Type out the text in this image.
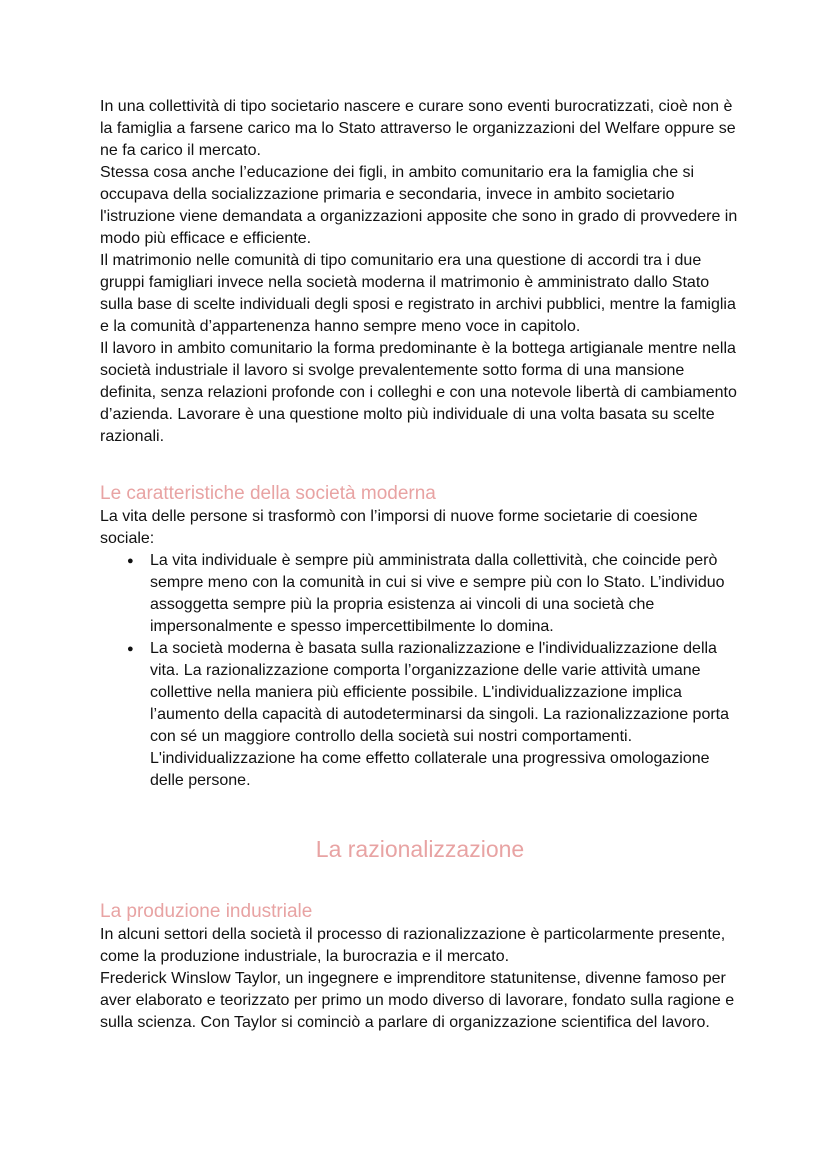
In una collettività di tipo societario nascere e curare sono eventi burocratizzati, cioè non è la famiglia a farsene carico ma lo Stato attraverso le organizzazioni del Welfare oppure se ne fa carico il mercato.

Stessa cosa anche l’educazione dei figli, in ambito comunitario era la famiglia che si occupava della socializzazione primaria e secondaria, invece in ambito societario l'istruzione viene demandata a organizzazioni apposite che sono in grado di provvedere in modo più efficace e efficiente.

Il matrimonio nelle comunità di tipo comunitario era una questione di accordi tra i due gruppi famigliari invece nella società moderna il matrimonio è amministrato dallo Stato sulla base di scelte individuali degli sposi e registrato in archivi pubblici, mentre la famiglia e la comunità d’appartenenza hanno sempre meno voce in capitolo.

Il lavoro in ambito comunitario la forma predominante è la bottega artigianale mentre nella società industriale il lavoro si svolge prevalentemente sotto forma di una mansione definita, senza relazioni profonde con i colleghi e con una notevole libertà di cambiamento d’azienda. Lavorare è una questione molto più individuale di una volta basata su scelte razionali.

Le caratteristiche della società moderna

La vita delle persone si trasformò con l’imporsi di nuove forme societarie di coesione sociale:

● La vita individuale è sempre più amministrata dalla collettività, che coincide però sempre meno con la comunità in cui si vive e sempre più con lo Stato. L’individuo assoggetta sempre più la propria esistenza ai vincoli di una società che impersonalmente e spesso impercettibilmente lo domina.
● La società moderna è basata sulla razionalizzazione e l'individualizzazione della vita. La razionalizzazione comporta l’organizzazione delle varie attività umane collettive nella maniera più efficiente possibile. L'individualizzazione implica l’aumento della capacità di autodeterminarsi da singoli. La razionalizzazione porta con sé un maggiore controllo della società sui nostri comportamenti. L'individualizzazione ha come effetto collaterale una progressiva omologazione delle persone.
La razionalizzazione
La produzione industriale

In alcuni settori della società il processo di razionalizzazione è particolarmente presente, come la produzione industriale, la burocrazia e il mercato.

Frederick Winslow Taylor, un ingegnere e imprenditore statunitense, divenne famoso per aver elaborato e teorizzato per primo un modo diverso di lavorare, fondato sulla ragione e sulla scienza. Con Taylor si cominciò a parlare di organizzazione scientifica del lavoro.
